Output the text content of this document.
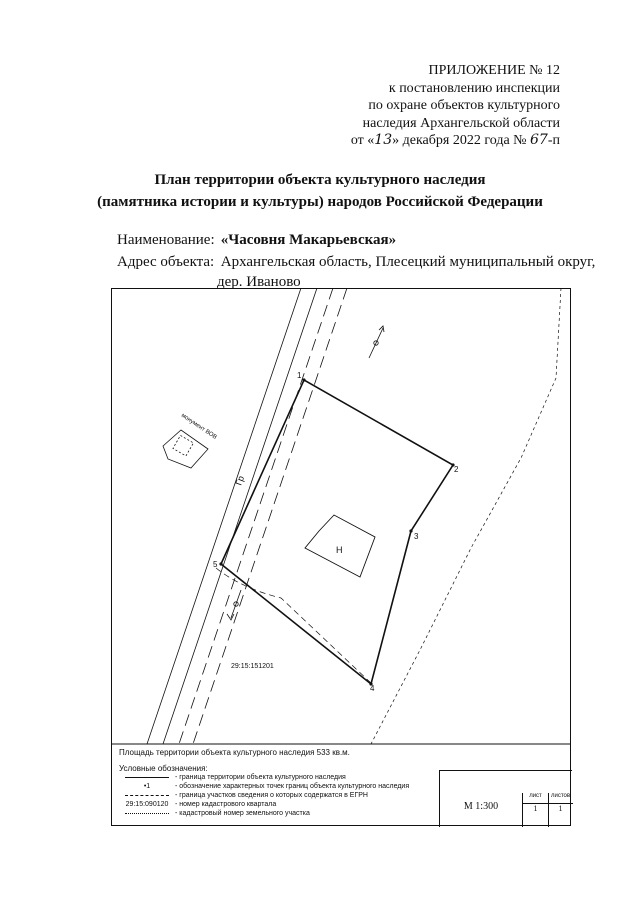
ПРИЛОЖЕНИЕ № 12
к постановлению инспекции
по охране объектов культурного
наследия Архангельской области
от «13» декабря 2022 года № 67-п
План территории объекта культурного наследия
(памятника истории и культуры) народов Российской Федерации
Наименование: «Часовня Макарьевская»
Адрес объекта: Архангельская область, Плесецкий муниципальный округ,
дер. Иваново
1
2
3
4
5
Н
монумент ВОВ
Гр
29:15:151201
Площадь территории объекта культурного наследия 533 кв.м.
Условные обозначения:
- граница территории объекта культурного наследия
•1	- обозначение характерных точек границ объекта культурного наследия
- граница участков сведения о которых содержатся в ЕГРН
29:15:090120 - номер кадастрового квартала
- кадастровый номер земельного участка
М 1:300
лист	листов
1	1
